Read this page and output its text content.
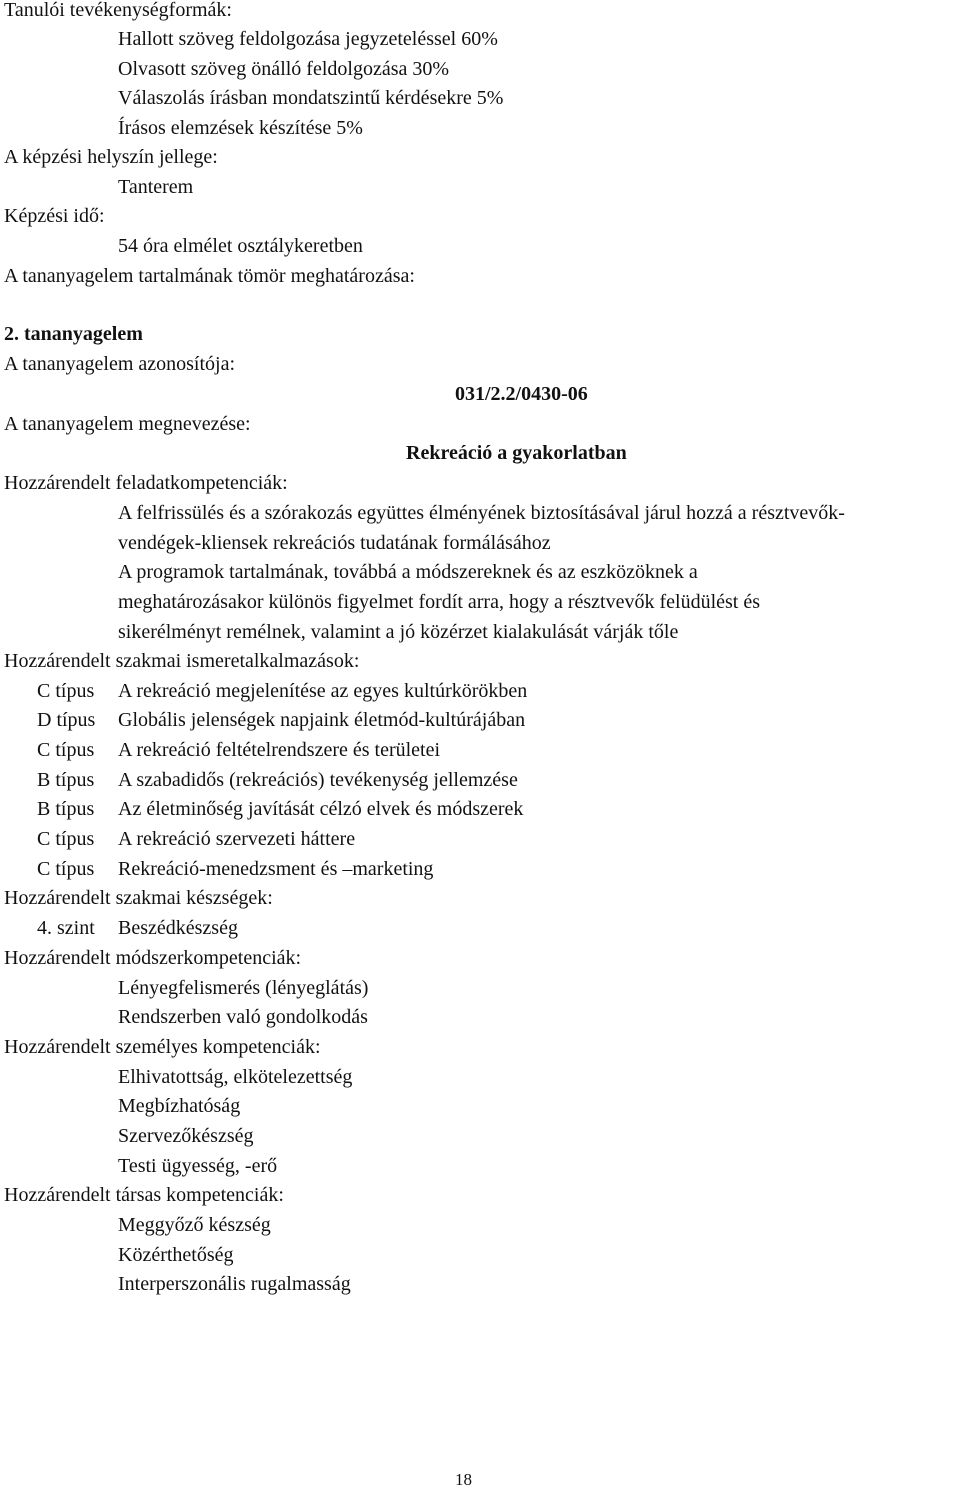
Tanulói tevékenységformák:
Hallott szöveg feldolgozása jegyzeteléssel 60%
Olvasott szöveg önálló feldolgozása 30%
Válaszolás írásban mondatszintű kérdésekre 5%
Írásos elemzések készítése 5%
A képzési helyszín jellege:
Tanterem
Képzési idő:
54 óra elmélet osztálykeretben
A tananyagelem tartalmának tömör meghatározása:
2. tananyagelem
A tananyagelem azonosítója:
031/2.2/0430-06
A tananyagelem megnevezése:
Rekreáció a gyakorlatban
Hozzárendelt feladatkompetenciák:
A felfrissülés és a szórakozás együttes élményének biztosításával járul hozzá a résztvevők-
vendégek-kliensek rekreációs tudatának formálásához
A programok tartalmának, továbbá a módszereknek és az eszközöknek a
meghatározásakor különös figyelmet fordít arra, hogy a résztvevők felüdülést és
sikerélményt remélnek, valamint a jó közérzet kialakulását várják tőle
Hozzárendelt szakmai ismeretalkalmazások:
C típus A rekreáció megjelenítése az egyes kultúrkörökben
D típus Globális jelenségek napjaink életmód-kultúrájában
C típus A rekreáció feltételrendszere és területei
B típus A szabadidős (rekreációs) tevékenység jellemzése
B típus Az életminőség javítását célzó elvek és módszerek
C típus A rekreáció szervezeti háttere
C típus Rekreáció-menedzsment és –marketing
Hozzárendelt szakmai készségek:
4. szint Beszédkészség
Hozzárendelt módszerkompetenciák:
Lényegfelismerés (lényeglátás)
Rendszerben való gondolkodás
Hozzárendelt személyes kompetenciák:
Elhivatottság, elkötelezettség
Megbízhatóság
Szervezőkészség
Testi ügyesség, -erő
Hozzárendelt társas kompetenciák:
Meggyőző készség
Közérthetőség
Interperszonális rugalmasság
18
